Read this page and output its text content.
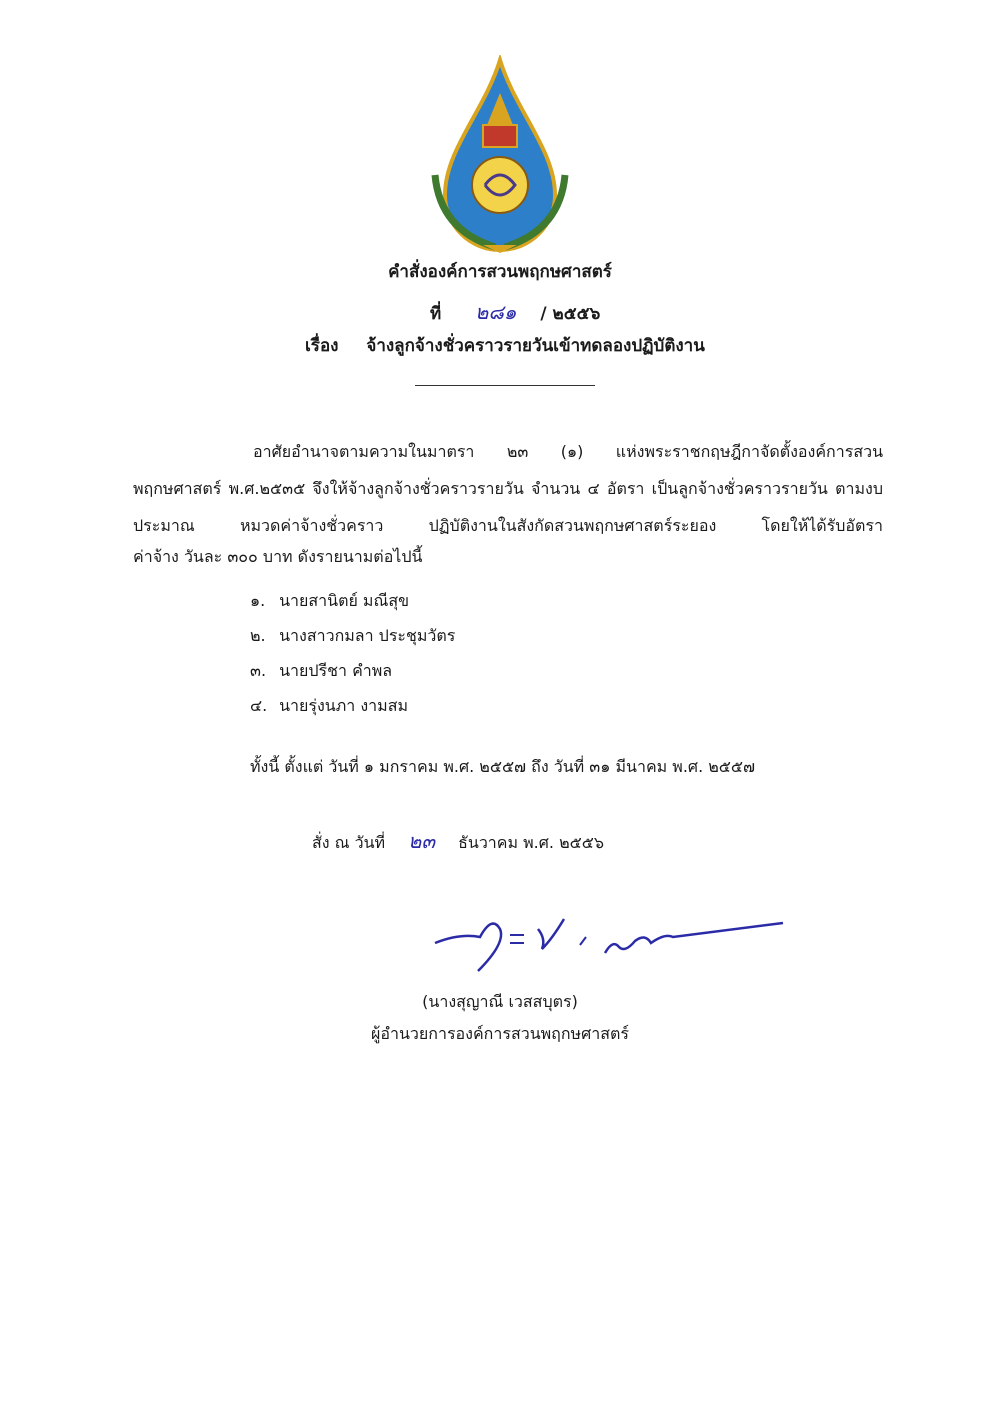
คำสั่งองค์การสวนพฤกษศาสตร์
ที่ ๒๘๑ / ๒๕๕๖
เรื่อง จ้างลูกจ้างชั่วคราวรายวันเข้าทดลองปฏิบัติงาน
อาศัยอำนาจตามความในมาตรา ๒๓ (๑) แห่งพระราชกฤษฎีกาจัดตั้งองค์การสวน พฤกษศาสตร์ พ.ศ.๒๕๓๕ จึงให้จ้างลูกจ้างชั่วคราวรายวัน จำนวน ๔ อัตรา เป็นลูกจ้างชั่วคราวรายวัน ตามงบประมาณ หมวดค่าจ้างชั่วคราว ปฏิบัติงานในสังกัดสวนพฤกษศาสตร์ระยอง โดยให้ได้รับอัตรา
ค่าจ้าง วันละ ๓๐๐ บาท ดังรายนามต่อไปนี้
๑. นายสานิตย์ มณีสุข
๒. นางสาวกมลา ประชุมวัตร
๓. นายปรีชา คำพล
๔. นายรุ่งนภา งามสม
ทั้งนี้ ตั้งแต่ วันที่ ๑ มกราคม พ.ศ. ๒๕๕๗ ถึง วันที่ ๓๑ มีนาคม พ.ศ. ๒๕๕๗
สั่ง ณ วันที่ ๒๓ ธันวาคม พ.ศ. ๒๕๕๖
(นางสุญาณี เวสสบุตร)
ผู้อำนวยการองค์การสวนพฤกษศาสตร์
